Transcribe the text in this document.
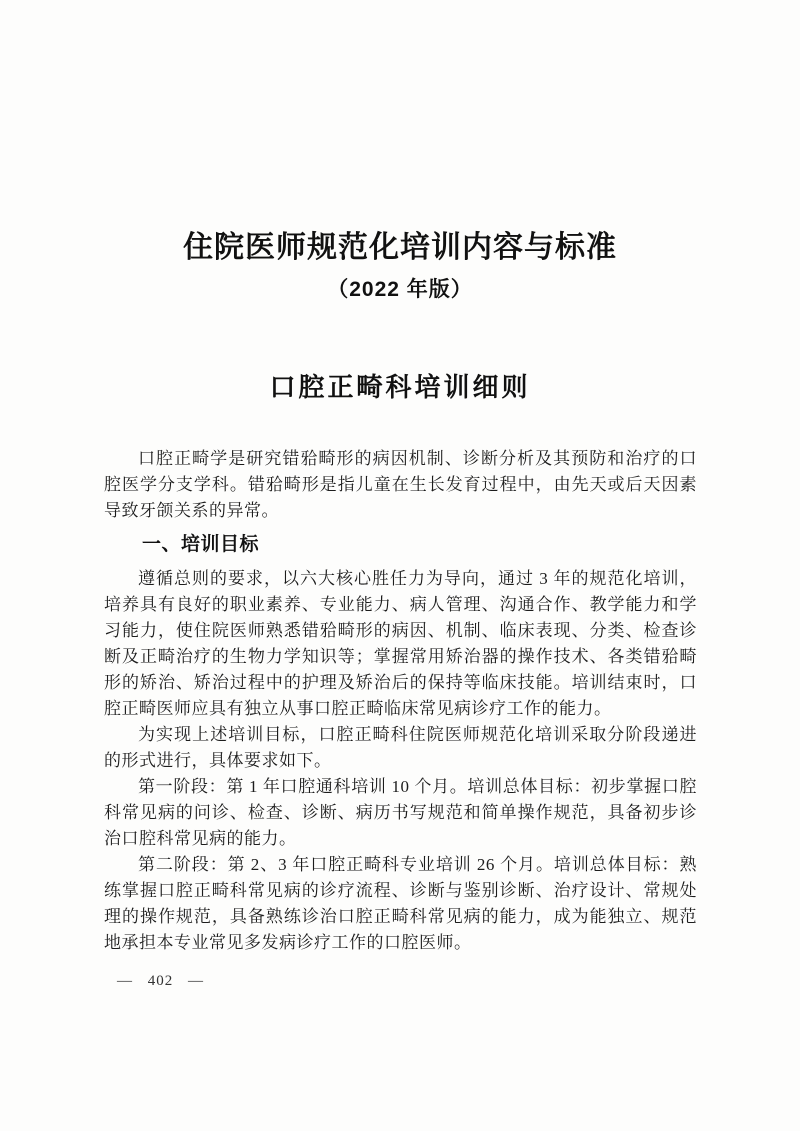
住院医师规范化培训内容与标准
（2022 年版）
口腔正畸科培训细则

口腔正畸学是研究错𬌗畸形的病因机制、诊断分析及其预防和治疗的口腔医学分支学科。错𬌗畸形是指儿童在生长发育过程中，由先天或后天因素导致牙颌关系的异常。

一、培训目标

遵循总则的要求，以六大核心胜任力为导向，通过 3 年的规范化培训，培养具有良好的职业素养、专业能力、病人管理、沟通合作、教学能力和学习能力，使住院医师熟悉错𬌗畸形的病因、机制、临床表现、分类、检查诊断及正畸治疗的生物力学知识等；掌握常用矫治器的操作技术、各类错𬌗畸形的矫治、矫治过程中的护理及矫治后的保持等临床技能。培训结束时，口腔正畸医师应具有独立从事口腔正畸临床常见病诊疗工作的能力。

为实现上述培训目标，口腔正畸科住院医师规范化培训采取分阶段递进的形式进行，具体要求如下。

第一阶段：第 1 年口腔通科培训 10 个月。培训总体目标：初步掌握口腔科常见病的问诊、检查、诊断、病历书写规范和简单操作规范，具备初步诊治口腔科常见病的能力。

第二阶段：第 2、3 年口腔正畸科专业培训 26 个月。培训总体目标：熟练掌握口腔正畸科常见病的诊疗流程、诊断与鉴别诊断、治疗设计、常规处理的操作规范，具备熟练诊治口腔正畸科常见病的能力，成为能独立、规范地承担本专业常见多发病诊疗工作的口腔医师。

— 402 —
